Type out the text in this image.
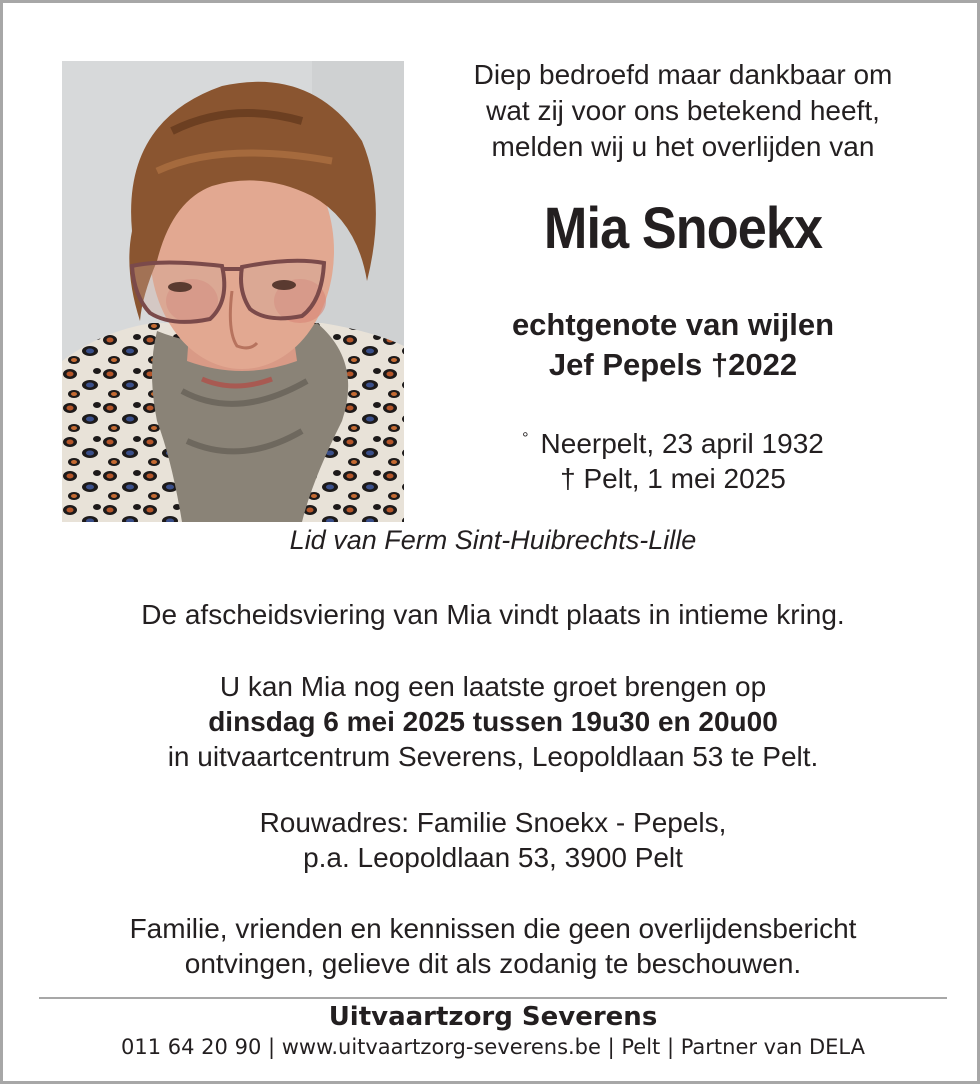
Diep bedroefd maar dankbaar om
wat zij voor ons betekend heeft,
melden wij u het overlijden van
Mia Snoekx
echtgenote van wijlen
Jef Pepels †2022
° Neerpelt, 23 april 1932
† Pelt, 1 mei 2025
Lid van Ferm Sint-Huibrechts-Lille
De afscheidsviering van Mia vindt plaats in intieme kring.
U kan Mia nog een laatste groet brengen op
dinsdag 6 mei 2025 tussen 19u30 en 20u00
in uitvaartcentrum Severens, Leopoldlaan 53 te Pelt.
Rouwadres: Familie Snoekx - Pepels,
p.a. Leopoldlaan 53, 3900 Pelt
Familie, vrienden en kennissen die geen overlijdensbericht
ontvingen, gelieve dit als zodanig te beschouwen.
Uitvaartzorg Severens
011 64 20 90 | www.uitvaartzorg-severens.be | Pelt | Partner van DELA
